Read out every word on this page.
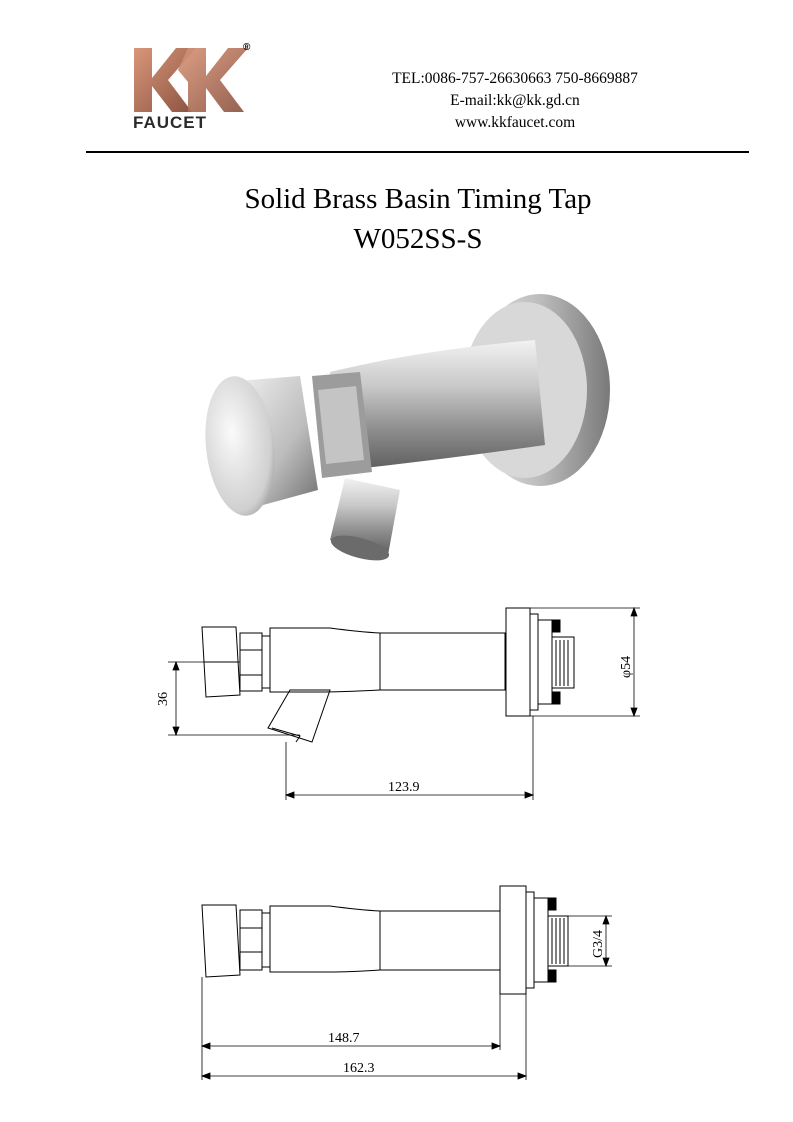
®
FAUCET
TEL:0086-757-26630663 750-8669887
E-mail:kk@kk.gd.cn
www.kkfaucet.com
Solid Brass Basin Timing Tap
W052SS-S
36
φ54
123.9
G3/4
148.7
162.3
